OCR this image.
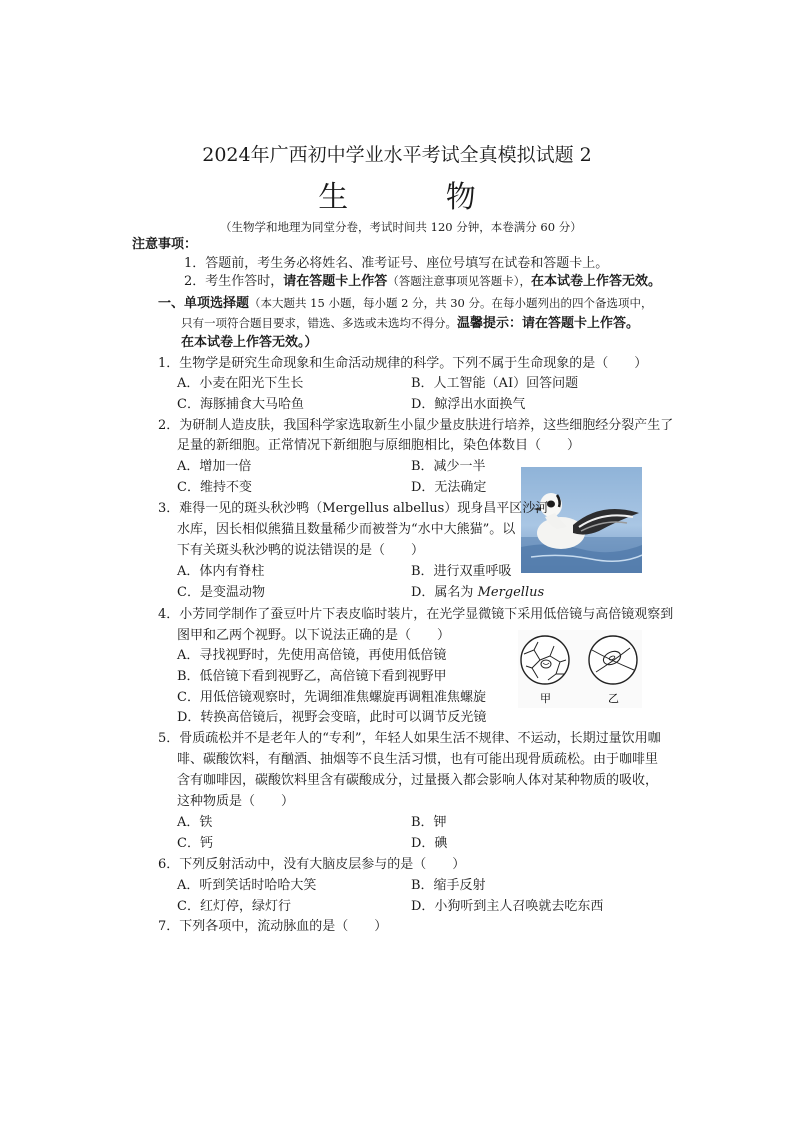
2024年广西初中学业水平考试全真模拟试题 2
生 物
（生物学和地理为同堂分卷，考试时间共 120 分钟，本卷满分 60 分）
注意事项：
1．答题前，考生务必将姓名、准考证号、座位号填写在试卷和答题卡上。
2．考生作答时，请在答题卡上作答（答题注意事项见答题卡），在本试卷上作答无效。
一、单项选择题（本大题共 15 小题，每小题 2 分，共 30 分。在每小题列出的四个备选项中，
只有一项符合题目要求，错选、多选或未选均不得分。温馨提示：请在答题卡上作答。
在本试卷上作答无效。）
1．生物学是研究生命现象和生命活动规律的科学。下列不属于生命现象的是（　　）
A．小麦在阳光下生长	B．人工智能（AI）回答问题
C．海豚捕食大马哈鱼	D．鲸浮出水面换气
2．为研制人造皮肤，我国科学家选取新生小鼠少量皮肤进行培养，这些细胞经分裂产生了
足量的新细胞。正常情况下新细胞与原细胞相比，染色体数目（　　）
A．增加一倍	B．减少一半
C．维持不变	D．无法确定
3．难得一见的斑头秋沙鸭（Mergellus albellus）现身昌平区沙河
水库，因长相似熊猫且数量稀少而被誉为“水中大熊猫”。以
下有关斑头秋沙鸭的说法错误的是（　　）
A．体内有脊柱	B．进行双重呼吸
C．是变温动物	D．属名为 Mergellus
4．小芳同学制作了蚕豆叶片下表皮临时装片，在光学显微镜下采用低倍镜与高倍镜观察到
图甲和乙两个视野。以下说法正确的是（　　）
甲	乙
A．寻找视野时，先使用高倍镜，再使用低倍镜
B．低倍镜下看到视野乙，高倍镜下看到视野甲
C．用低倍镜观察时，先调细准焦螺旋再调粗准焦螺旋
D．转换高倍镜后，视野会变暗，此时可以调节反光镜
5．骨质疏松并不是老年人的“专利”，年轻人如果生活不规律、不运动，长期过量饮用咖
啡、碳酸饮料，有酗酒、抽烟等不良生活习惯，也有可能出现骨质疏松。由于咖啡里
含有咖啡因，碳酸饮料里含有碳酸成分，过量摄入都会影响人体对某种物质的吸收，
这种物质是（　　）
A．铁	B．钾
C．钙	D．碘
6．下列反射活动中，没有大脑皮层参与的是（　　）
A．听到笑话时哈哈大笑	B．缩手反射
C．红灯停，绿灯行	D．小狗听到主人召唤就去吃东西
7．下列各项中，流动脉血的是（　　）
